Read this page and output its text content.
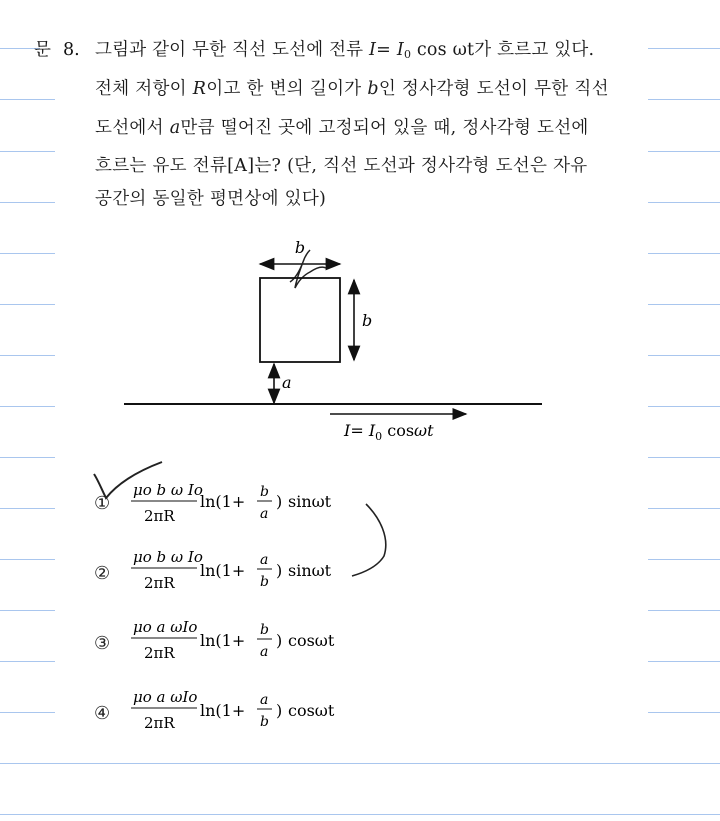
문 8. 그림과 같이 무한 직선 도선에 전류 $I= I_0$ cos ωt가 흐르고 있다.
전체 저항이 R이고 한 변의 길이가 b인 정사각형 도선이 무한 직선
도선에서 a만큼 떨어진 곳에 고정되어 있을 때, 정사각형 도선에
흐르는 유도 전류[A]는? (단, 직선 도선과 정사각형 도선은 자유
공간의 동일한 평면상에 있다)
b
b
a
$I= I_0$ cosωt
①
μo b ω Io
2πR
ln(1+ b
a
) sinωt
②
μo b ω Io
2πR
ln(1+
a
b
) sinωt
③
μo a ωIo
2πR
ln(1+
b
a
) cosωt
④
μo a ωIo
2πR
ln(1+
a
b
) cosωt
